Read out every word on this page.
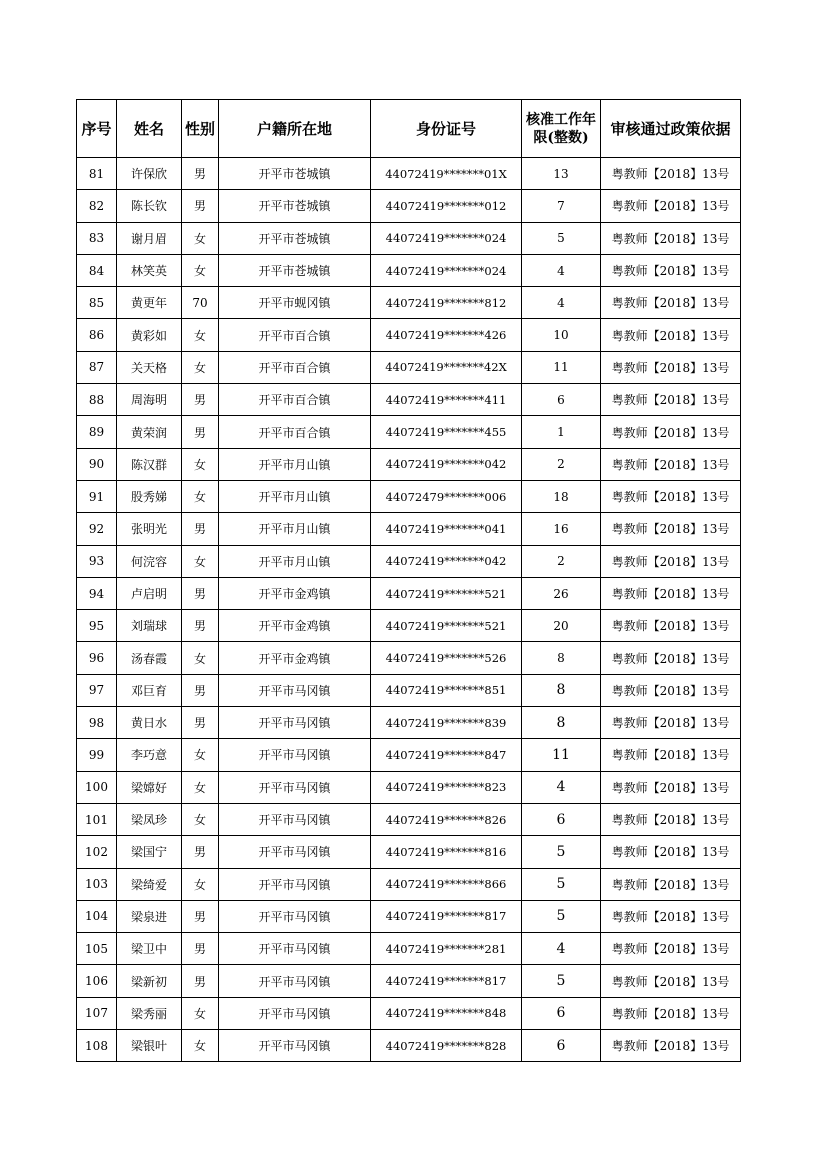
序号	姓名	性别	户籍所在地	身份证号	核准工作年限(整数)	审核通过政策依据
81	许保欣	男	开平市苍城镇	44072419*******01X	13	粤教师【2018】13号
82	陈长钦	男	开平市苍城镇	44072419*******012	7	粤教师【2018】13号
83	谢月眉	女	开平市苍城镇	44072419*******024	5	粤教师【2018】13号
84	林笑英	女	开平市苍城镇	44072419*******024	4	粤教师【2018】13号
85	黄更年	70	开平市蚬冈镇	44072419*******812	4	粤教师【2018】13号
86	黄彩如	女	开平市百合镇	44072419*******426	10	粤教师【2018】13号
87	关天格	女	开平市百合镇	44072419*******42X	11	粤教师【2018】13号
88	周海明	男	开平市百合镇	44072419*******411	6	粤教师【2018】13号
89	黄荣润	男	开平市百合镇	44072419*******455	1	粤教师【2018】13号
90	陈汉群	女	开平市月山镇	44072419*******042	2	粤教师【2018】13号
91	股秀娣	女	开平市月山镇	44072479*******006	18	粤教师【2018】13号
92	张明光	男	开平市月山镇	44072419*******041	16	粤教师【2018】13号
93	何浣容	女	开平市月山镇	44072419*******042	2	粤教师【2018】13号
94	卢启明	男	开平市金鸡镇	44072419*******521	26	粤教师【2018】13号
95	刘瑞球	男	开平市金鸡镇	44072419*******521	20	粤教师【2018】13号
96	汤春霞	女	开平市金鸡镇	44072419*******526	8	粤教师【2018】13号
97	邓巨育	男	开平市马冈镇	44072419*******851	8	粤教师【2018】13号
98	黄日水	男	开平市马冈镇	44072419*******839	8	粤教师【2018】13号
99	李巧意	女	开平市马冈镇	44072419*******847	11	粤教师【2018】13号
100	梁嫦好	女	开平市马冈镇	44072419*******823	4	粤教师【2018】13号
101	梁凤珍	女	开平市马冈镇	44072419*******826	6	粤教师【2018】13号
102	梁国宁	男	开平市马冈镇	44072419*******816	5	粤教师【2018】13号
103	梁绮爱	女	开平市马冈镇	44072419*******866	5	粤教师【2018】13号
104	梁泉进	男	开平市马冈镇	44072419*******817	5	粤教师【2018】13号
105	梁卫中	男	开平市马冈镇	44072419*******281	4	粤教师【2018】13号
106	梁新初	男	开平市马冈镇	44072419*******817	5	粤教师【2018】13号
107	梁秀丽	女	开平市马冈镇	44072419*******848	6	粤教师【2018】13号
108	梁银叶	女	开平市马冈镇	44072419*******828	6	粤教师【2018】13号
